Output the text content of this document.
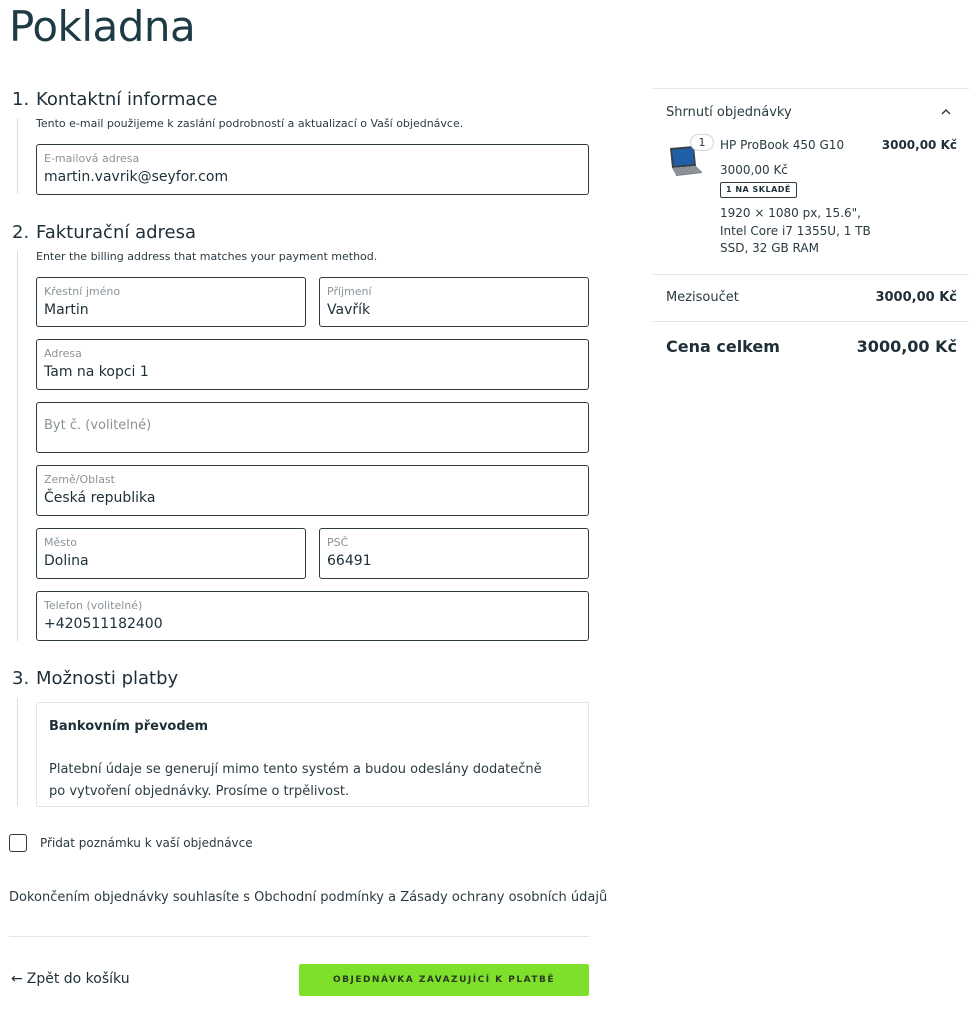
Pokladna
1. Kontaktní informace
Tento e-mail použijeme k zaslání podrobností a aktualizací o Vaší objednávce.
E-mailová adresa
martin.vavrik@seyfor.com
2. Fakturační adresa
Enter the billing address that matches your payment method.
Křestní jméno
Martin
Příjmení
Vavřík
Adresa
Tam na kopci 1
Byt č. (volitelné)
Země/Oblast
Česká republika
Město
Dolina
PSČ
66491
Telefon (volitelné)
+420511182400
3. Možnosti platby
Bankovním převodem
Platební údaje se generují mimo tento systém a budou odeslány dodatečně po vytvoření objednávky. Prosíme o trpělivost.
Přidat poznámku k vaší objednávce
Dokončením objednávky souhlasíte s Obchodní podmínky a Zásady ochrany osobních údajů
← Zpět do košíku	OBJEDNÁVKA ZAVAZUJÍCÍ K PLATBĚ
Shrnutí objednávky
1	HP ProBook 450 G10	3000,00 Kč
3000,00 Kč
1 NA SKLADĚ
1920 × 1080 px, 15.6", Intel Core i7 1355U, 1 TB SSD, 32 GB RAM
Mezisoučet	3000,00 Kč
Cena celkem	3000,00 Kč
